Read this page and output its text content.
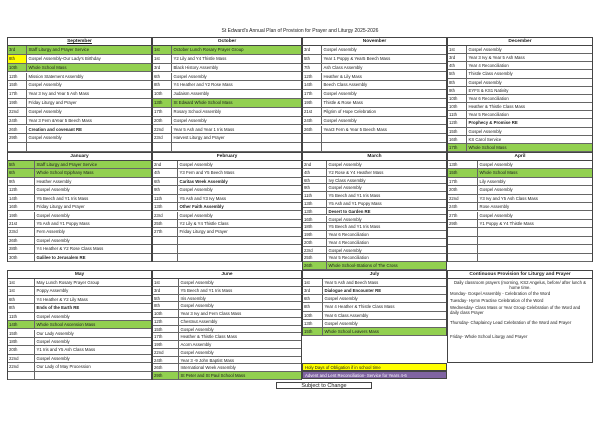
St Edward's Annual Plan of Provision for Prayer and Liturgy 2025-2026
September
3rd	Staff Liturgy and Prayer Service
8th	Gospel Assembly-Our Lady's Birthday
10th	Whole School Mass
12th	Mission Statement Assembly
15th	Gospel Assembly
17th	Year 3 Ivy and Year 5 Ash Mass
19th	Friday Liturgy and Prayer
22nd	Gospel Assembly
24th	Year 3 Fern &Year 5 Beech Mass
26th	Creation and covenant RE
29th	Gospel Assembly
October
1st	October Lunch Rosary Prayer Group
1st	Y2 Lily and Y4 Thistle Mass
3rd	Black History Assembly
6th	Gospel Assembly
8th	Y4 Heather and Y2 Rose Mass
10th	Judaism Assembly
13th	St Edward Whole School Mass
17th	Rosary School Assembly
20th	Gospel Assembly
22nd	Year 5 Ash and Year 1 Iris Mass
23rd	Harvest Liturgy and Prayer
November
3rd	Gospel Assembly
5th	Year 1 Poppy & Year5 Beech Mass
7th	Ash Class Assembly
12th	Heather & Lily Mass
14th	Beech Class Assembly
17th	Gospel Assembly
19th	Thistle & Rose Mass
21st	Pilgrim of Hope Celebration
24th	Gospel Assembly
26th	Year3 Fern & Year 5 Beech Mass
December
1st	Gospel Assembly
3rd	Year 3 Ivy & Year 5 Ash Mass
4th	Year 4 Reconciliation
5th	Thistle Class Assembly
8th	Gospel Assembly
9th	EYFS & KS1 Nativity
10th	Year 6 Reconciliation
10th	Heather & Thistle Class Mass
11th	Year 5 Reconciliation
12th	Prophecy & Promise RE
15th	Gospel Assembly
16th	KS Carol Service
17th	Whole School Mass
January
5th	Staff Liturgy and Prayer Service
6th	Whole School Epiphany Mass
9th	Heather Assembly
12th	Gospel Assembly
14th	Y5 Beech and Y1 Iris Mass
16th	Friday Liturgy and Prayer
19th	Gospel Assembly
21st	Y5 Ash and Y1 Poppy Mass
23rd	Fern Assembly
26th	Gospel Assembly
28th	Y4 Heather & Y2 Rose Class Mass
30th	Galilee to Jerusalem RE
February
2nd	Gospel Assembly
4th	Y3 Fern and Y5 Beech Mass
6th	Caritas Week Assembly
9th	Gospel Assembly
11th	Y5 Ash and Y3 Ivy Mass
13th	Other Faith Assembly
23rd	Gospel Assembly
25th	Y2 Lily & Y4 Thistle Class
27th	Friday Liturgy and Prayer
March
2nd	Gospel Assembly
4th	Y2 Rose & Y4 Heather Mass
6th	Ivy Class Assembly
9th	Gospel Assembly
11th	Y5 Beech and Y1 Iris Mass
13th	Y5 Ash and Y1 Poppy Mass
13th	Desert to Garden RE
16th	Gospel Assembly
18th	Y5 Beech and Y1 Iris Mass
19th	Year 6 Reconciliation
20th	Year 4 Reconciliation
23rd	Gospel Assembly
25th	Year 5 Reconciliation
26th	Whole School-Stations of The Cross
April
13th	Gospel Assembly
15th	Whole School Mass
17th	Lily Assembly
20th	Gospel Assembly
22nd	Y3 Ivy and Y5 Ash Class Mass
24th	Rose Assembly
27th	Gospel Assembly
29th	Y1 Poppy & Y4 Thistle Mass
May
1st	May Lunch Rosary Prayer Group
1st	Poppy Assembly
6th	Y4 Heather & Y2 Lily Mass
8th	Ends of the Earth RE
11th	Gospel Assembly
14th	Whole School Ascension Mass
15th	Our Lady Assembly
18th	Gospel Assembly
20th	Y1 Iris and Y5 Ash Class Mass
22nd	Gospel Assembly
22nd	Our Lady of May Procession
June
1st	Gospel Assembly
3rd	Y5 Beech and Y1 Iris Mass
5th	Iris Assembly
8th	Gospel Assembly
10th	Year 3 Ivy and Fern Class Mass
12th	Chestnut Assembly
15th	Gospel Assembly
17th	Heather & Thistle Class Mass
19th	Acorn Assembly
22nd	Gospel Assembly
24th	Year 3 -9 John Baptist Mass
26th	International Week Assembly
29th	St Peter and St Paul School Mass
July
1st	Year 5 Ash and Beech Mass
3rd	Dialogue and Encounter RE
6th	Gospel Assembly
8th	Year 4 Heather & Thistle Class Mass
10th	Year 6 Class Assembly
13th	Gospel Assembly
15th	Whole School Leavers Mass
Continuous Provision for Liturgy and Prayer
Daily classroom prayers (morning, KS2 Angelus, before/ after lunch & home time.
Monday- Gospel Assembly - Celebration of the Word
Tuesday- Hymn Practise Celebration of the Word
Wednesday- Class Mass or Year Group Celebration of the Word and daily class Prayer
Thursday- Chaplaincy Lead Celebration of the Word and Prayer
Friday- Whole School Liturgy and Prayer
Holy Days of Obligation if in school time
Advent and Lent Reconciliation- Service for Years 4-6
Subject to Change
